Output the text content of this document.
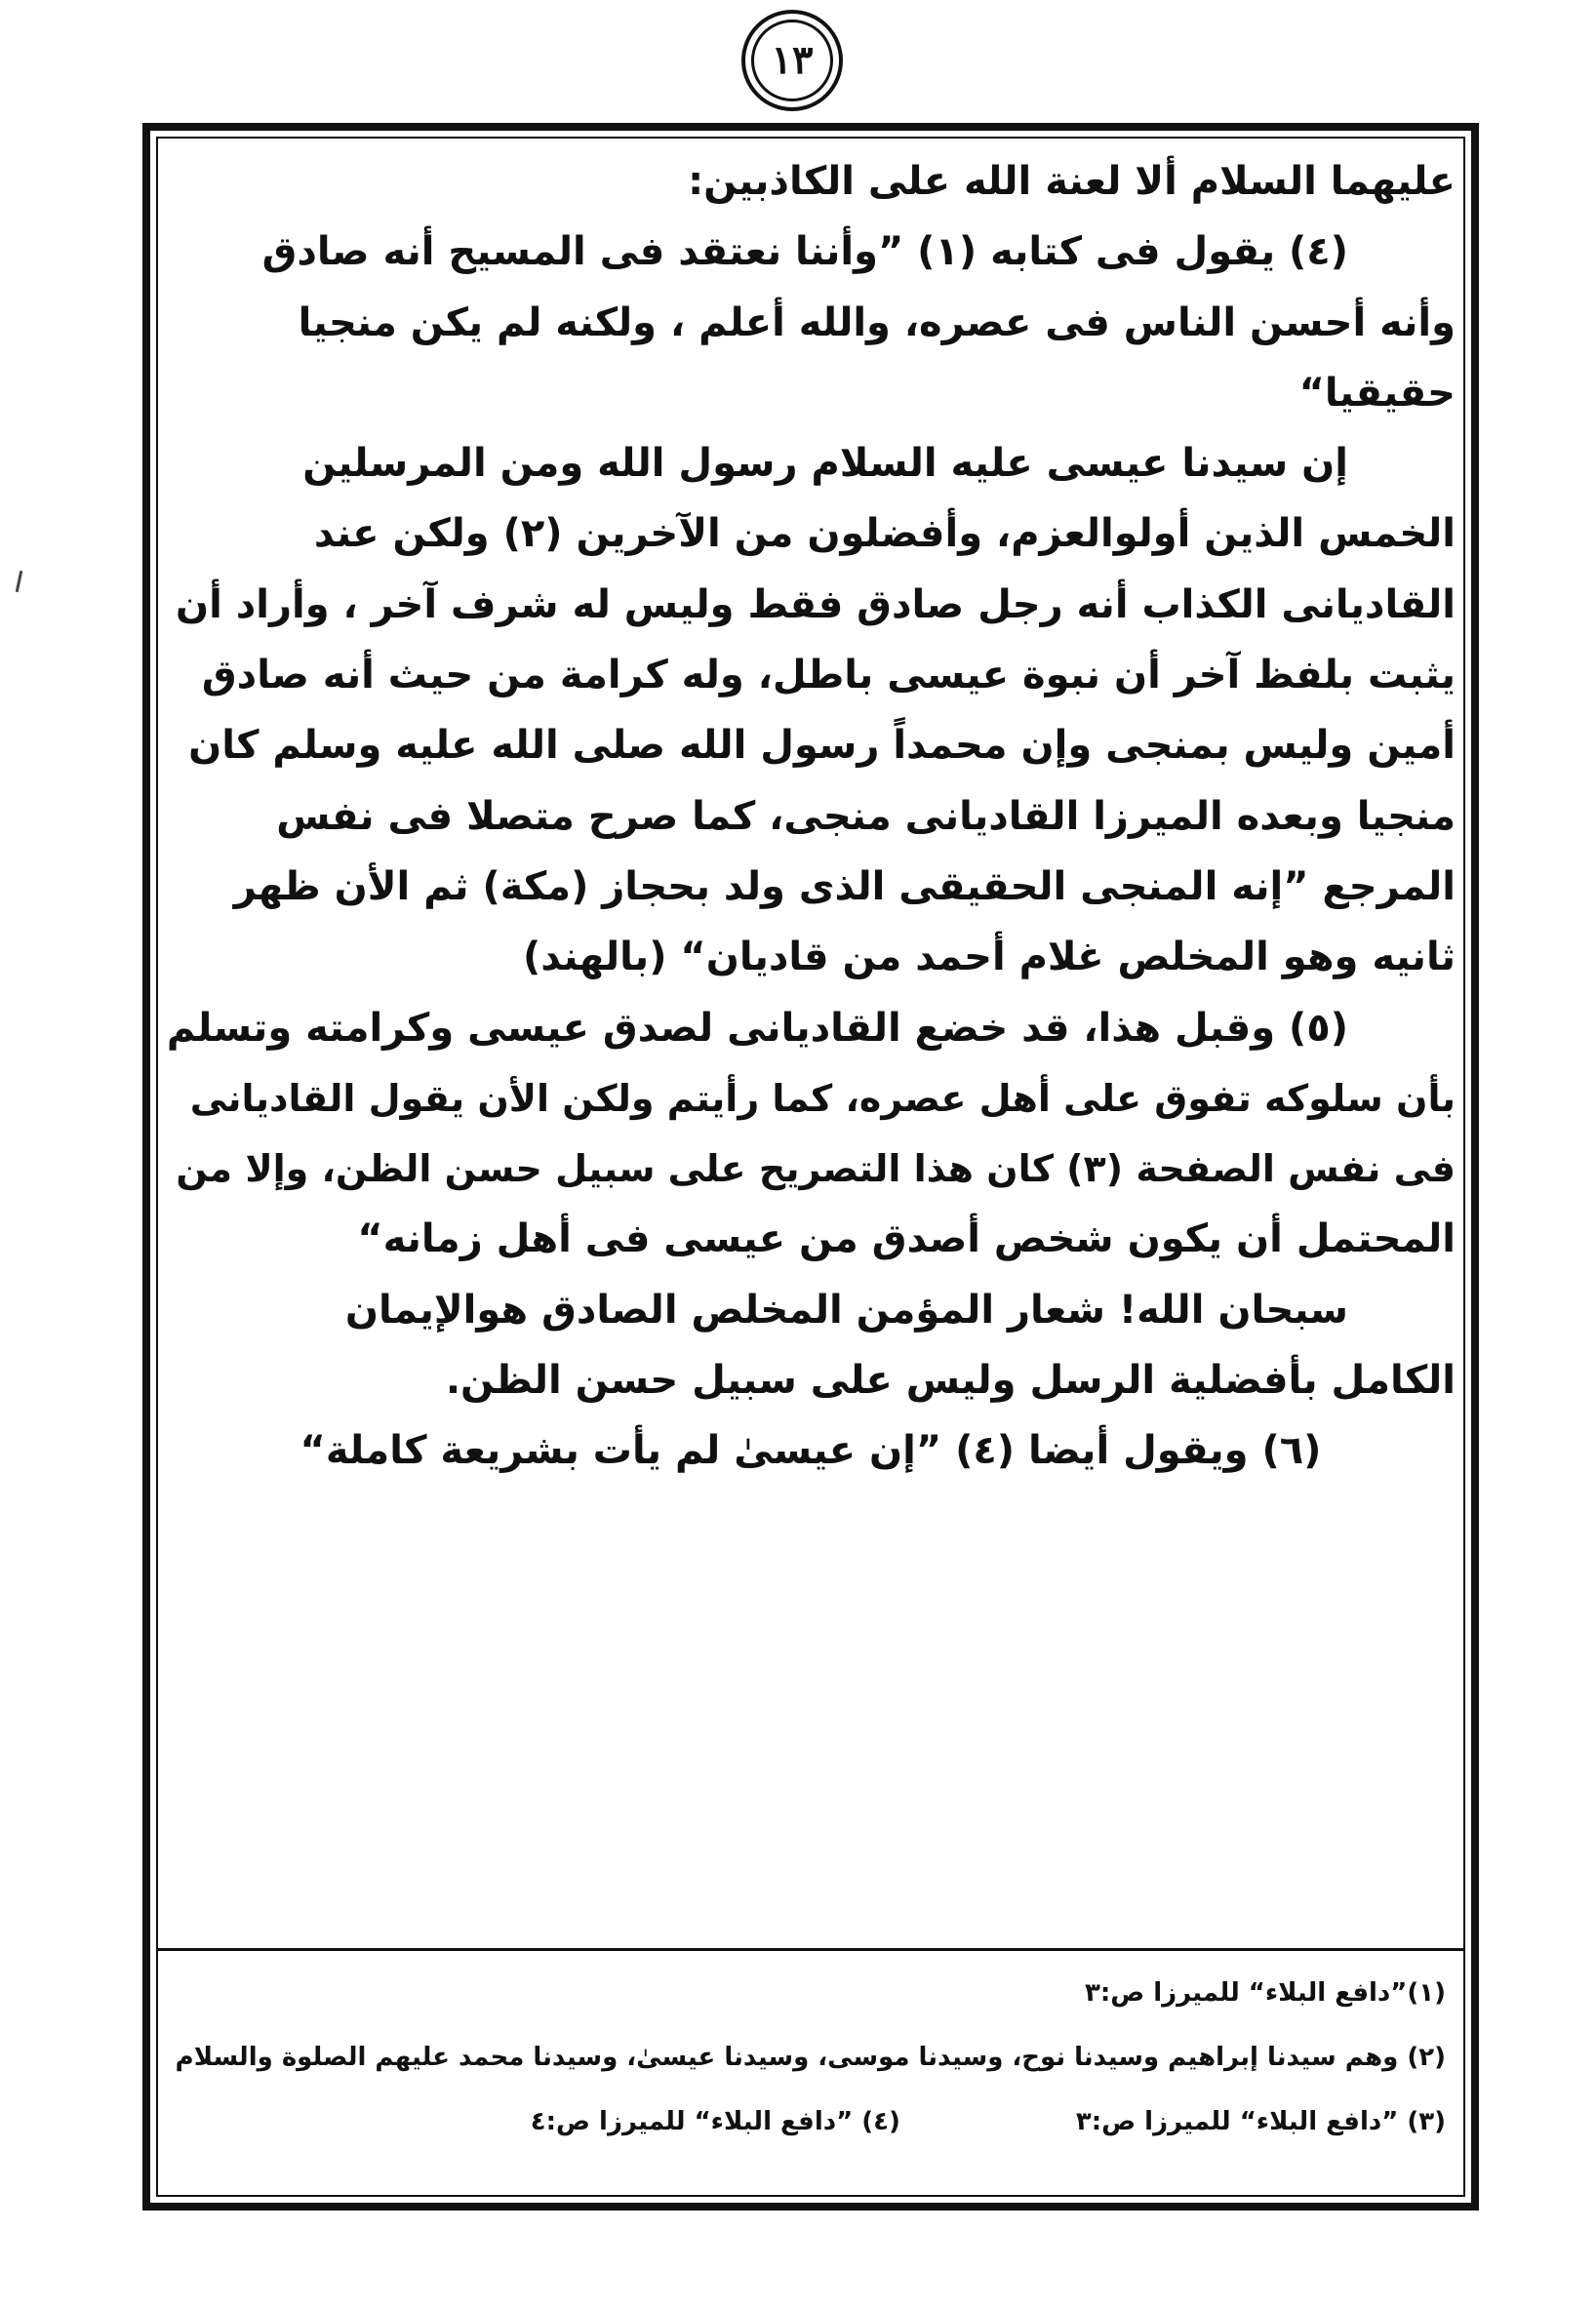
١٣
عليهما السلام ألا لعنة الله على الكاذبين:
(٤) يقول فى كتابه (١) ”وأننا نعتقد فى المسيح أنه صادق
وأنه أحسن الناس فى عصره، والله أعلم ، ولكنه لم يكن منجيا
حقيقيا“
إن سيدنا عيسى عليه السلام رسول الله ومن المرسلين
الخمس الذين أولوالعزم، وأفضلون من الآخرين (٢) ولكن عند
القاديانى الكذاب أنه رجل صادق فقط وليس له شرف آخر ، وأراد أن
يثبت بلفظ آخر أن نبوة عيسى باطل، وله كرامة من حيث أنه صادق
أمين وليس بمنجى وإن محمداً رسول الله صلى الله عليه وسلم كان
منجيا وبعده الميرزا القاديانى منجى، كما صرح متصلا فى نفس
المرجع ”إنه المنجى الحقيقى الذى ولد بحجاز (مكة) ثم الأن ظهر
ثانيه وهو المخلص غلام أحمد من قاديان“ (بالهند)
(٥) وقبل هذا، قد خضع القاديانى لصدق عيسى وكرامته وتسلم
بأن سلوكه تفوق على أهل عصره، كما رأيتم ولكن الأن يقول القاديانى
فى نفس الصفحة (٣) كان هذا التصريح على سبيل حسن الظن، وإلا من
المحتمل أن يكون شخص أصدق من عيسى فى أهل زمانه“
سبحان الله! شعار المؤمن المخلص الصادق هوالإيمان
الكامل بأفضلية الرسل وليس على سبيل حسن الظن.
(٦) ويقول أيضا (٤) ”إن عيسىٰ لم يأت بشريعة كاملة“
(١)”دافع البلاء“ للميرزا ص:٣
(٢) وهم سيدنا إبراهيم وسيدنا نوح، وسيدنا موسى، وسيدنا عيسىٰ، وسيدنا محمد عليهم الصلوة والسلام
(٣) ”دافع البلاء“ للميرزا ص:٣
(٤) ”دافع البلاء“ للميرزا ص:٤
